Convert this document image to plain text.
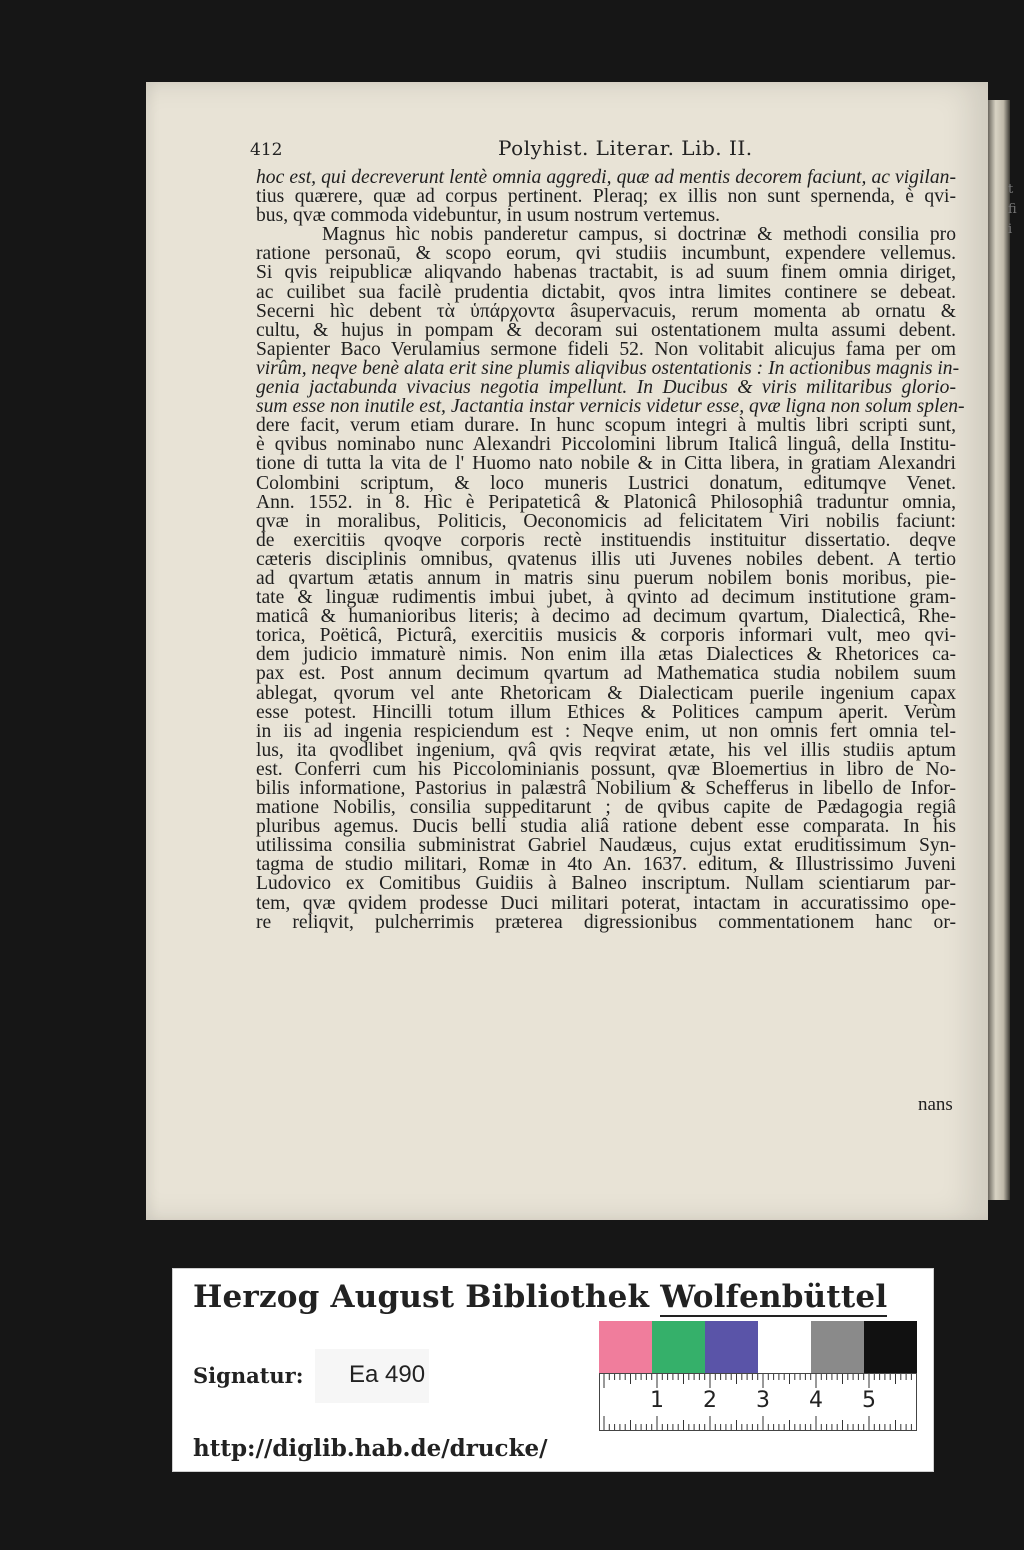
t
fi
i
412	Polyhist. Literar. Lib. II.
hoc est, qui decreverunt lentè omnia aggredi, quæ ad mentis decorem faciunt, ac vigilan-
tius quærere, quæ ad corpus pertinent. Pleraq; ex illis non sunt spernenda, è qvi-
bus, qvæ commoda videbuntur, in usum nostrum vertemus.
Magnus hìc nobis panderetur campus, si doctrinæ & methodi consilia pro
ratione personaū, & scopo eorum, qvi studiis incumbunt, expendere vellemus.
Si qvis reipublicæ aliqvando habenas tractabit, is ad suum finem omnia diriget,
ac cuilibet sua facilè prudentia dictabit, qvos intra limites continere se debeat.
Secerni hìc debent τὰ ὑπάρχοντα âsupervacuis, rerum momenta ab ornatu &
cultu, & hujus in pompam & decoram sui ostentationem multa assumi debent.
Sapienter Baco Verulamius sermone fideli 52. Non volitabit alicujus fama per om
virûm, neqve benè alata erit sine plumis aliqvibus ostentationis : In actionibus magnis in-
genia jactabunda vivacius negotia impellunt. In Ducibus & viris militaribus glorio-
sum esse non inutile est, Jactantia instar vernicis videtur esse, qvæ ligna non solum splen-
dere facit, verum etiam durare. In hunc scopum integri à multis libri scripti sunt,
è qvibus nominabo nunc Alexandri Piccolomini librum Italicâ linguâ, della Institu-
tione di tutta la vita de l' Huomo nato nobile & in Citta libera, in gratiam Alexandri
Colombini scriptum, & loco muneris Lustrici donatum, editumqve Venet.
Ann. 1552. in 8. Hìc è Peripateticâ & Platonicâ Philosophiâ traduntur omnia,
qvæ in moralibus, Politicis, Oeconomicis ad felicitatem Viri nobilis faciunt:
de exercitiis qvoqve corporis rectè instituendis instituitur dissertatio. deqve
cæteris disciplinis omnibus, qvatenus illis uti Juvenes nobiles debent. A tertio
ad qvartum ætatis annum in matris sinu puerum nobilem bonis moribus, pie-
tate & linguæ rudimentis imbui jubet, à qvinto ad decimum institutione gram-
maticâ & humanioribus literis; à decimo ad decimum qvartum, Dialecticâ, Rhe-
torica, Poëticâ, Picturâ, exercitiis musicis & corporis informari vult, meo qvi-
dem judicio immaturè nimis. Non enim illa ætas Dialectices & Rhetorices ca-
pax est. Post annum decimum qvartum ad Mathematica studia nobilem suum
ablegat, qvorum vel ante Rhetoricam & Dialecticam puerile ingenium capax
esse potest. Hincilli totum illum Ethices & Politices campum aperit. Verùm
in iis ad ingenia respiciendum est : Neqve enim, ut non omnis fert omnia tel-
lus, ita qvodlibet ingenium, qvâ qvis reqvirat ætate, his vel illis studiis aptum
est. Conferri cum his Piccolominianis possunt, qvæ Bloemertius in libro de No-
bilis informatione, Pastorius in palæstrâ Nobilium & Schefferus in libello de Infor-
matione Nobilis, consilia suppeditarunt ; de qvibus capite de Pædagogia regiâ
pluribus agemus. Ducis belli studia aliâ ratione debent esse comparata. In his
utilissima consilia subministrat Gabriel Naudæus, cujus extat eruditissimum Syn-
tagma de studio militari, Romæ in 4to An. 1637. editum, & Illustrissimo Juveni
Ludovico ex Comitibus Guidiis à Balneo inscriptum. Nullam scientiarum par-
tem, qvæ qvidem prodesse Duci militari poterat, intactam in accuratissimo ope-
re reliqvit, pulcherrimis præterea digressionibus commentationem hanc or-
nans
Herzog August Bibliothek Wolfenbüttel
Signatur: Ea 490
http://diglib.hab.de/drucke/
1 2 3 4 5
